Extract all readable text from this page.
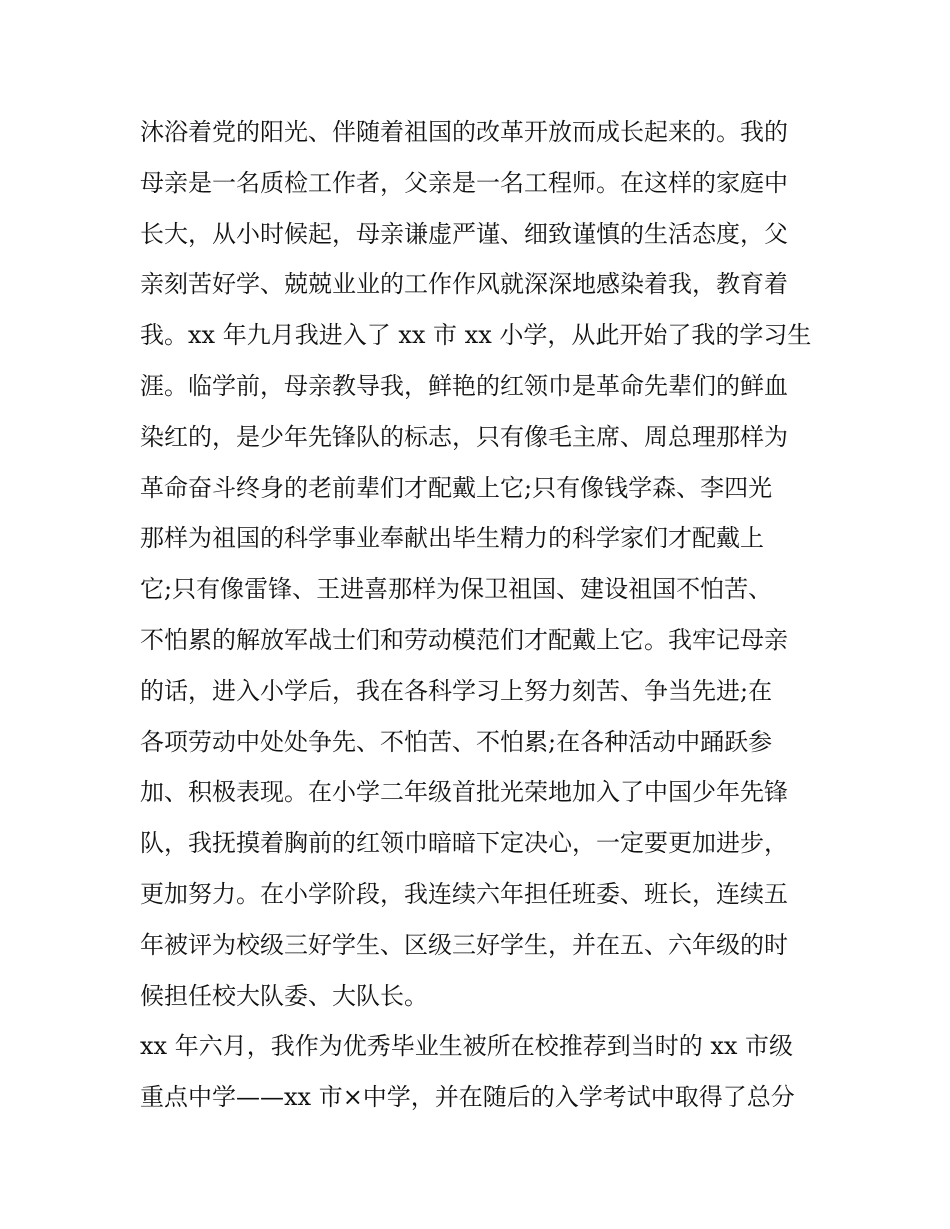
沐浴着党的阳光、伴随着祖国的改革开放而成长起来的。我的
母亲是一名质检工作者，父亲是一名工程师。在这样的家庭中
长大，从小时候起，母亲谦虚严谨、细致谨慎的生活态度，父
亲刻苦好学、兢兢业业的工作作风就深深地感染着我，教育着
我。xx 年九月我进入了 xx 市 xx 小学，从此开始了我的学习生
涯。临学前，母亲教导我，鲜艳的红领巾是革命先辈们的鲜血
染红的，是少年先锋队的标志，只有像毛主席、周总理那样为
革命奋斗终身的老前辈们才配戴上它;只有像钱学森、李四光
那样为祖国的科学事业奉献出毕生精力的科学家们才配戴上
它;只有像雷锋、王进喜那样为保卫祖国、建设祖国不怕苦、
不怕累的解放军战士们和劳动模范们才配戴上它。我牢记母亲
的话，进入小学后，我在各科学习上努力刻苦、争当先进;在
各项劳动中处处争先、不怕苦、不怕累;在各种活动中踊跃参
加、积极表现。在小学二年级首批光荣地加入了中国少年先锋
队，我抚摸着胸前的红领巾暗暗下定决心，一定要更加进步，
更加努力。在小学阶段，我连续六年担任班委、班长，连续五
年被评为校级三好学生、区级三好学生，并在五、六年级的时
候担任校大队委、大队长。
xx 年六月，我作为优秀毕业生被所在校推荐到当时的 xx 市级
重点中学——xx 市×中学，并在随后的入学考试中取得了总分
